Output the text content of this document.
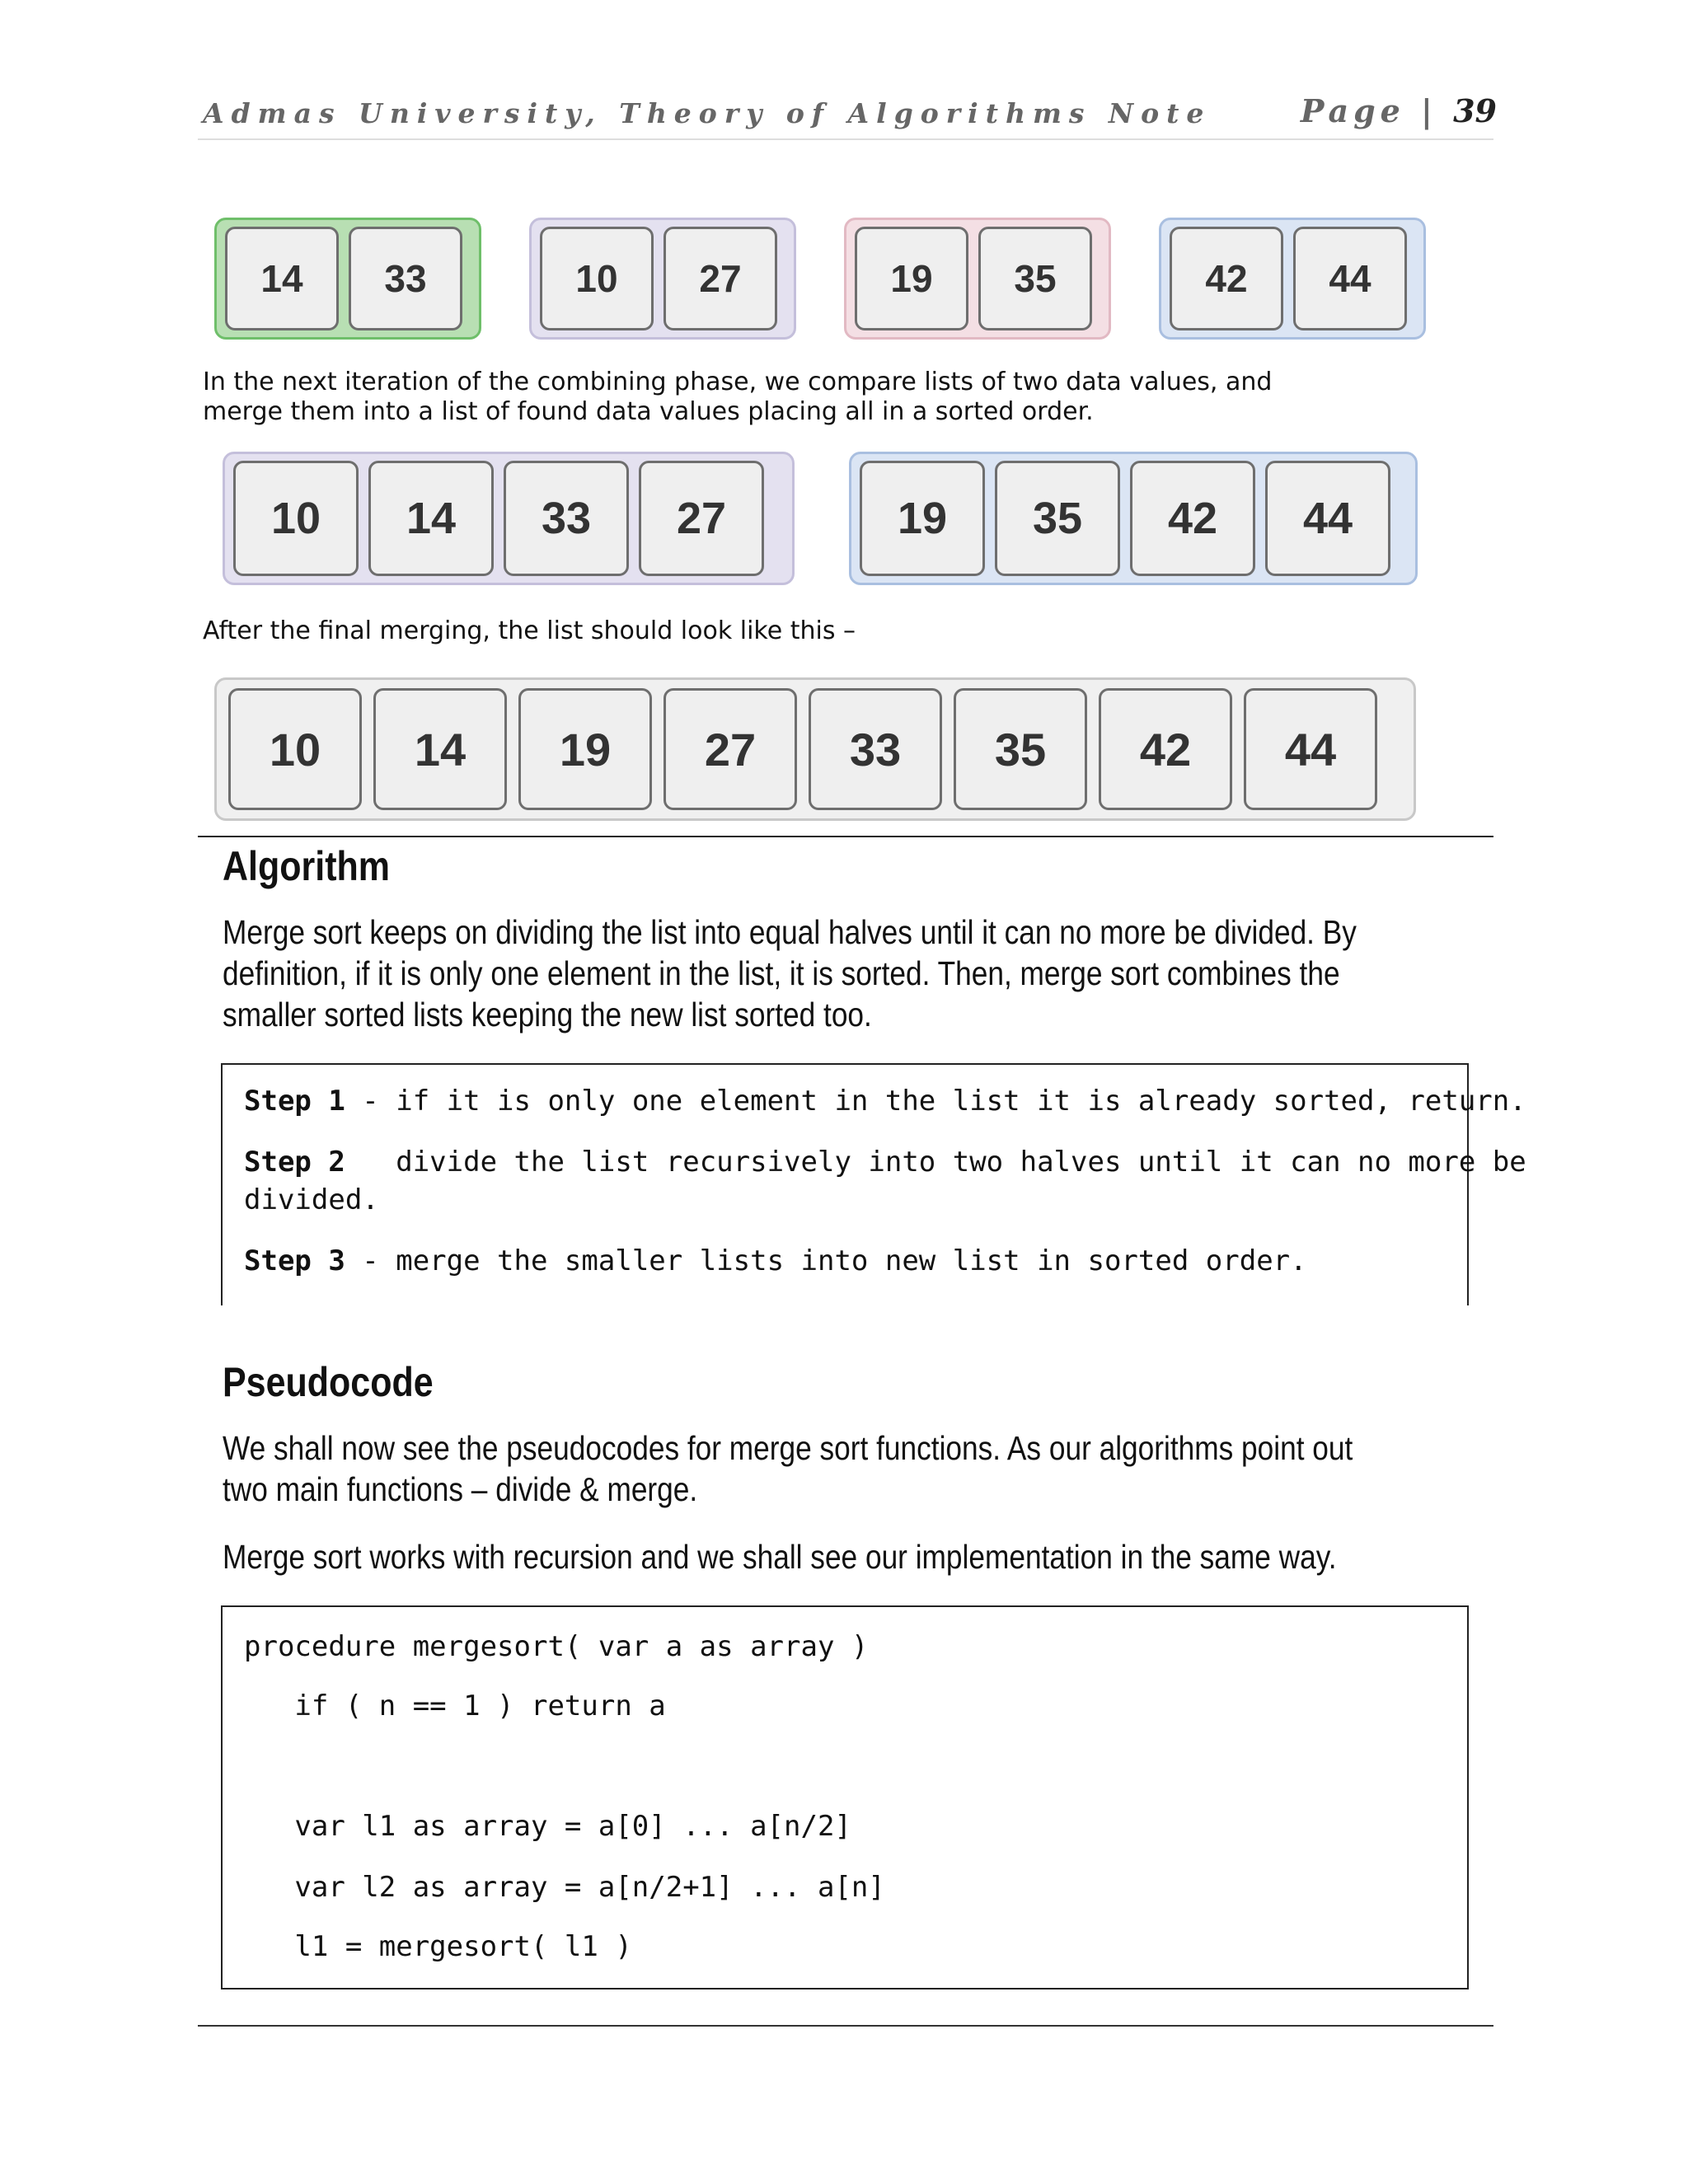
Admas University, Theory of Algorithms Note	Page | 39
14	33	10	27	19	35	42	44
In the next iteration of the combining phase, we compare lists of two data values, and
merge them into a list of found data values placing all in a sorted order.
10	14	33	27	19	35	42	44
After the final merging, the list should look like this –
10	14	19	27	33	35	42	44
Algorithm
Merge sort keeps on dividing the list into equal halves until it can no more be divided. By
definition, if it is only one element in the list, it is sorted. Then, merge sort combines the
smaller sorted lists keeping the new list sorted too.
Step 1 - if it is only one element in the list it is already sorted, return.
Step 2   divide the list recursively into two halves until it can no more be
divided.
Step 3 - merge the smaller lists into new list in sorted order.
Pseudocode
We shall now see the pseudocodes for merge sort functions. As our algorithms point out
two main functions – divide & merge.
Merge sort works with recursion and we shall see our implementation in the same way.
procedure mergesort( var a as array )
if ( n == 1 ) return a
var l1 as array = a[0] ... a[n/2]
var l2 as array = a[n/2+1] ... a[n]
l1 = mergesort( l1 )
